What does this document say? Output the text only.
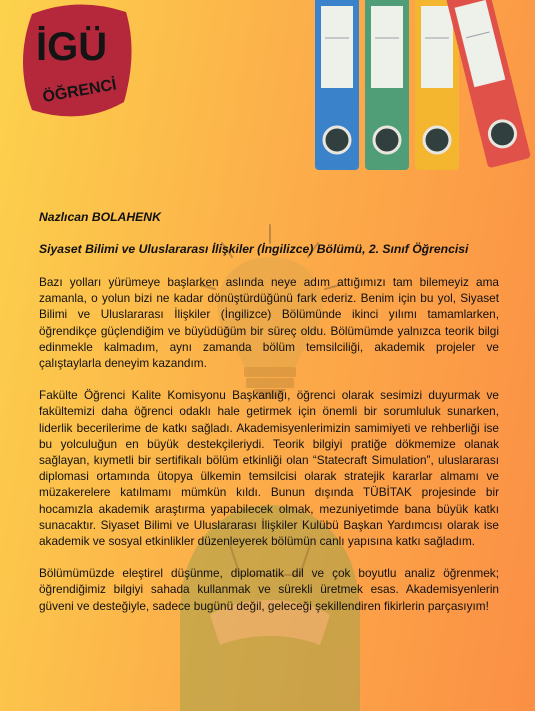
İGÜ
ÖĞRENCİ
Nazlıcan BOLAHENK
Siyaset Bilimi ve Uluslararası İlişkiler (İngilizce) Bölümü, 2. Sınıf Öğrencisi

Bazı yolları yürümeye başlarken aslında neye adım attığımızı tam bilemeyiz ama zamanla, o yolun bizi ne kadar dönüştürdüğünü fark ederiz. Benim için bu yol, Siyaset Bilimi ve Uluslararası İlişkiler (İngilizce) Bölümünde ikinci yılımı tamamlarken, öğrendikçe güçlendiğim ve büyüdüğüm bir süreç oldu. Bölümümde yalnızca teorik bilgi edinmekle kalmadım, aynı zamanda bölüm temsilciliği, akademik projeler ve çalıştaylarla deneyim kazandım.

Fakülte Öğrenci Kalite Komisyonu Başkanlığı, öğrenci olarak sesimizi duyurmak ve fakültemizi daha öğrenci odaklı hale getirmek için önemli bir sorumluluk sunarken, liderlik becerilerime de katkı sağladı. Akademisyenlerimizin samimiyeti ve rehberliği ise bu yolculuğun en büyük destekçileriydi. Teorik bilgiyi pratiğe dökmemize olanak sağlayan, kıymetli bir sertifikalı bölüm etkinliği olan “Statecraft Simulation”, uluslararası diplomasi ortamında ütopya ülkemin temsilcisi olarak stratejik kararlar almamı ve müzakerelere katılmamı mümkün kıldı. Bunun dışında TÜBİTAK projesinde bir hocamızla akademik araştırma yapabilecek olmak, mezuniyetimde bana büyük katkı sunacaktır. Siyaset Bilimi ve Uluslararası İlişkiler Kulübü Başkan Yardımcısı olarak ise akademik ve sosyal etkinlikler düzenleyerek bölümün canlı yapısına katkı sağladım.

Bölümümüzde eleştirel düşünme, diplomatik dil ve çok boyutlu analiz öğrenmek; öğrendiğimiz bilgiyi sahada kullanmak ve sürekli üretmek esas. Akademisyenlerin güveni ve desteğiyle, sadece bugünü değil, geleceği şekillendiren fikirlerin parçasıyım!
